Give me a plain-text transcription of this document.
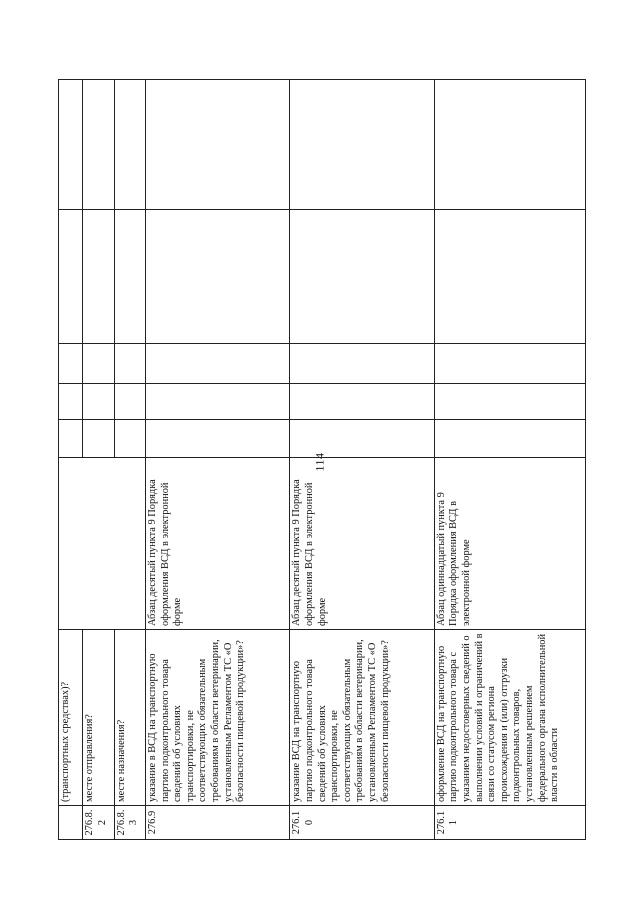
114
	(транспортных средствах)?						
276.8.2	месте отправления?						
276.8.3	месте назначения?						
276.9	указание в ВСД на транспортную партию подконтрольного товара сведений об условиях транспортировки, не соответствующих обязательным требованиям в области ветеринарии, установленным Регламентом ТС «О безопасности пищевой продукции»?	Абзац десятый пункта 9 Порядка оформления ВСД в электронной форме					
276.10	указание ВСД на транспортную партию подконтрольного товара сведений об условиях транспортировки, не соответствующих обязательным требованиям в области ветеринарии, установленным Регламентом ТС «О безопасности пищевой продукции»?	Абзац десятый пункта 9 Порядка оформления ВСД в электронной форме					
276.11	оформление ВСД на транспортную партию подконтрольного товара с указанием недостоверных сведений о выполнении условий и ограничений в связи со статусом региона происхождения и (или) отгрузки подконтрольных товаров, установленным решением федерального органа исполнительной власти в области	Абзац одиннадцатый пункта 9 Порядка оформления ВСД в электронной форме					
